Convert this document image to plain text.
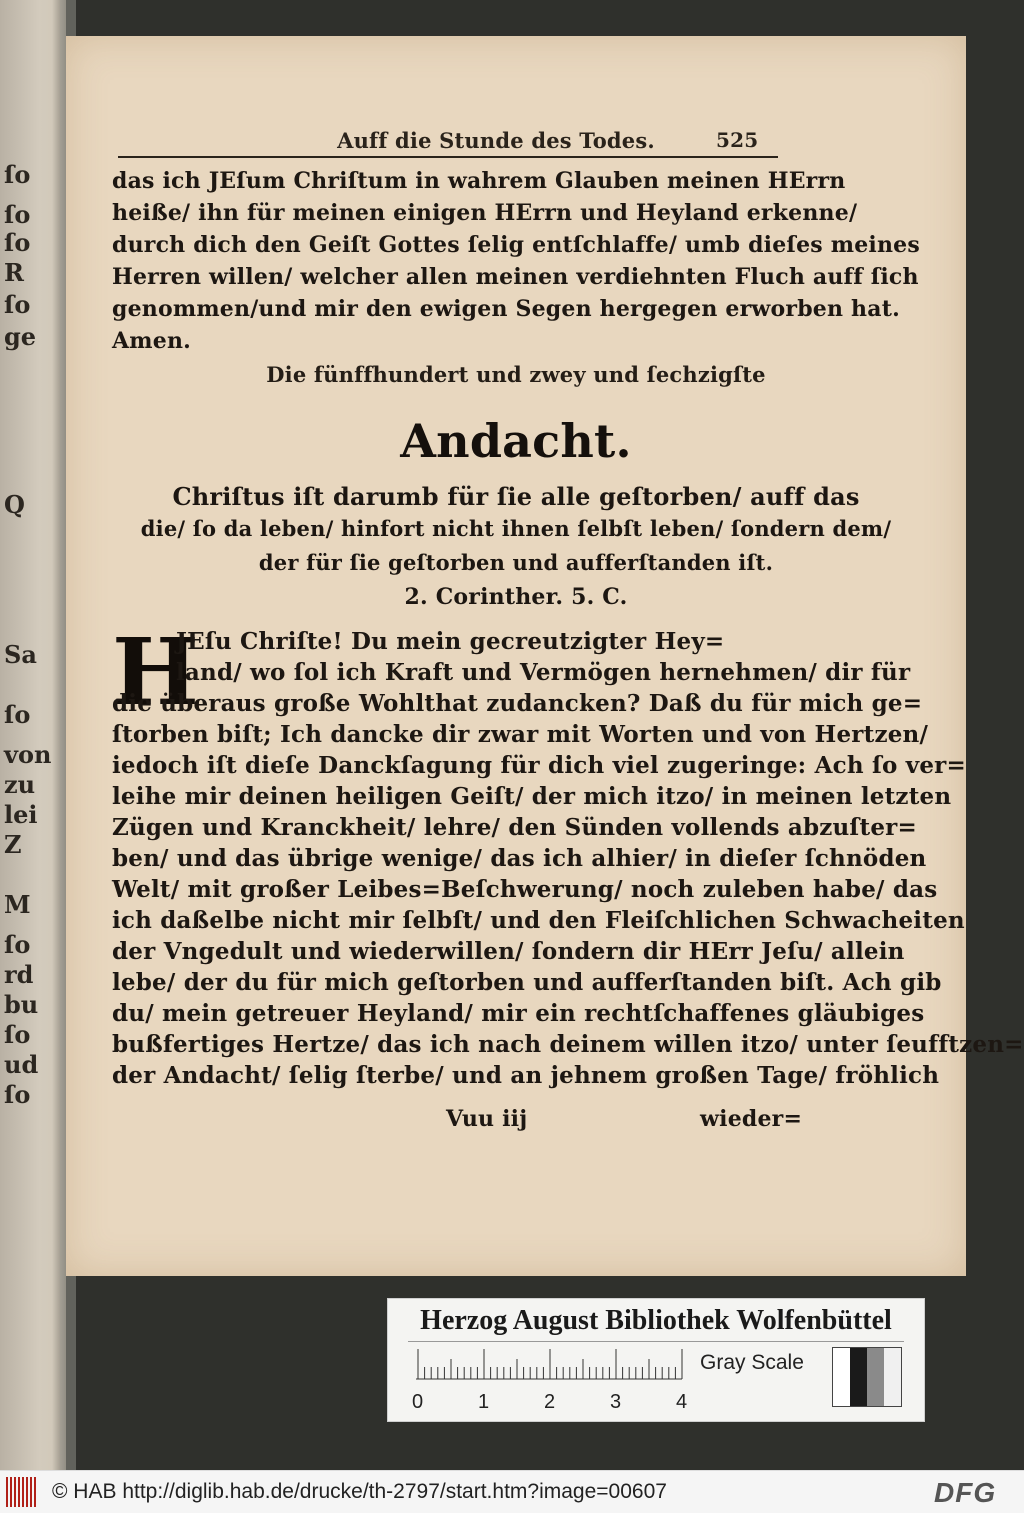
ſo
ſo
ſo
R
ſo
ge
Q
Sa
ſo
von
zu
lei
Z
M
ſo
rd
bu
ſo
ud
ſo
Auff die Stunde des Todes.	525
das ich JEſum Chriſtum in wahrem Glauben meinen HErrn
heiße/ ihn für meinen einigen HErrn und Heyland erkenne/
durch dich den Geiſt Gottes ſelig entſchlaffe/ umb dieſes meines
Herren willen/ welcher allen meinen verdiehnten Fluch auff ſich
genommen/und mir den ewigen Segen hergegen erworben hat.
Amen.
Die fünffhundert und zwey und ſechzigſte
Andacht.
Chriſtus iſt darumb für ſie alle geſtorben/ auff das
die/ ſo da leben/ hinfort nicht ihnen ſelbſt leben/ ſondern dem/
der für ſie geſtorben und aufferſtanden iſt.
2. Corinther. 5. C.
H
JEſu Chriſte! Du mein gecreutzigter Hey=
land/ wo ſol ich Kraft und Vermögen hernehmen/ dir für
die überaus große Wohlthat zudancken? Daß du für mich ge=
ſtorben biſt; Ich dancke dir zwar mit Worten und von Hertzen/
iedoch iſt dieſe Danckſagung für dich viel zugeringe: Ach ſo ver=
leihe mir deinen heiligen Geiſt/ der mich itzo/ in meinen letzten
Zügen und Kranckheit/ lehre/ den Sünden vollends abzuſter=
ben/ und das übrige wenige/ das ich alhier/ in dieſer ſchnöden
Welt/ mit großer Leibes=Beſchwerung/ noch zuleben habe/ das
ich daßelbe nicht mir ſelbſt/ und den Fleiſchlichen Schwacheiten
der Vngedult und wiederwillen/ ſondern dir HErr Jeſu/ allein
lebe/ der du für mich geſtorben und aufferſtanden biſt. Ach gib
du/ mein getreuer Heyland/ mir ein rechtſchaffenes gläubiges
bußfertiges Hertze/ das ich nach deinem willen itzo/ unter ſeufftzen=
der Andacht/ ſelig ſterbe/ und an jehnem großen Tage/ fröhlich
Vuu iij	wieder=
Herzog August Bibliothek Wolfenbüttel
0	1	2	3	4
Gray Scale
© HAB http://diglib.hab.de/drucke/th-2797/start.htm?image=00607	DFG
